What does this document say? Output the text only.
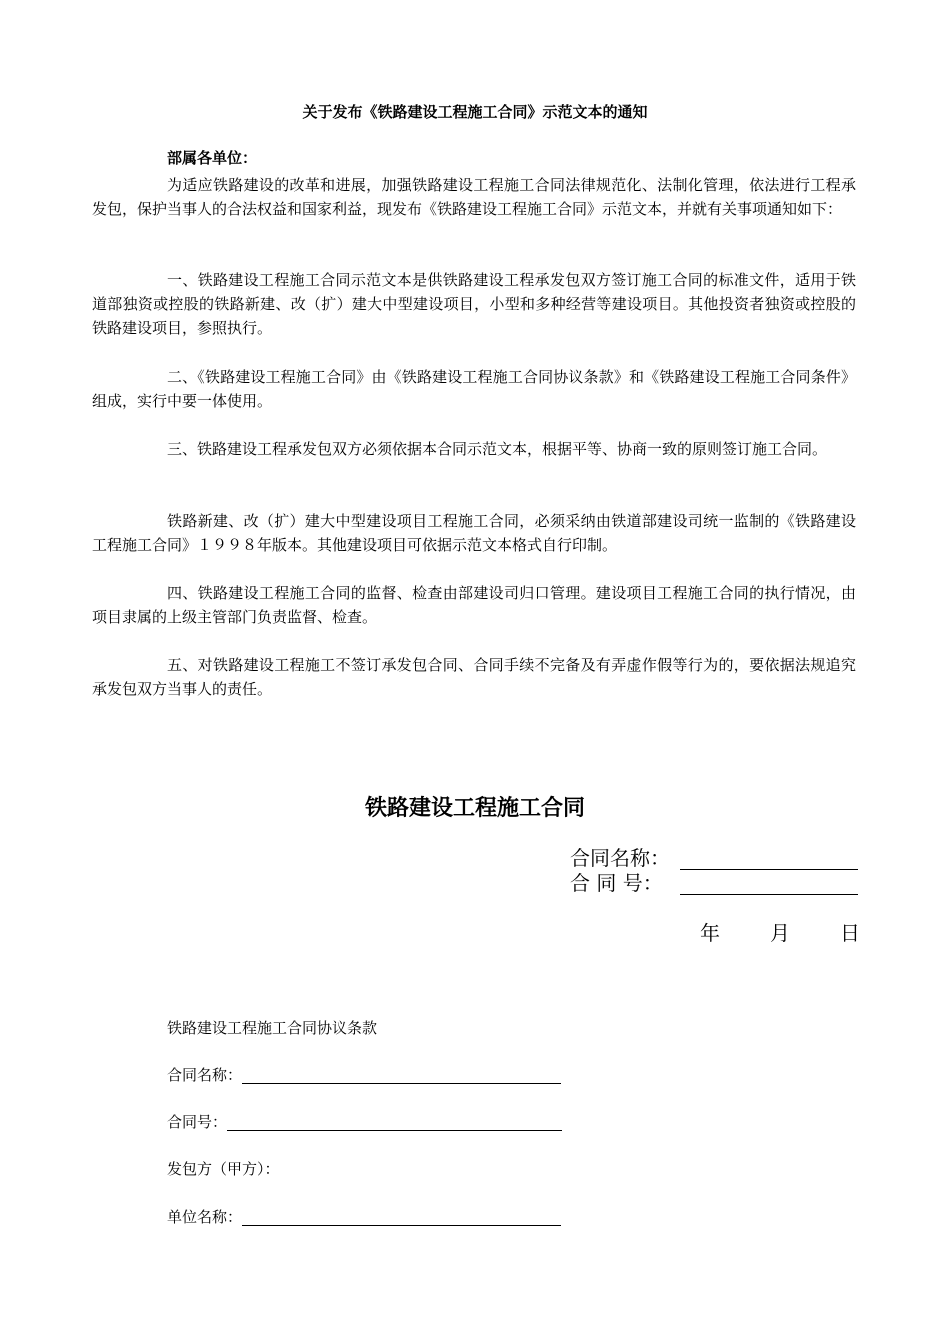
关于发布《铁路建设工程施工合同》示范文本的通知
部属各单位：

为适应铁路建设的改革和进展，加强铁路建设工程施工合同法律规范化、法制化管理，依法进行工程承发包，保护当事人的合法权益和国家利益，现发布《铁路建设工程施工合同》示范文本，并就有关事项通知如下：

一、铁路建设工程施工合同示范文本是供铁路建设工程承发包双方签订施工合同的标准文件，适用于铁道部独资或控股的铁路新建、改（扩）建大中型建设项目，小型和多种经营等建设项目。其他投资者独资或控股的铁路建设项目，参照执行。

二、《铁路建设工程施工合同》由《铁路建设工程施工合同协议条款》和《铁路建设工程施工合同条件》组成，实行中要一体使用。

三、铁路建设工程承发包双方必须依据本合同示范文本，根据平等、协商一致的原则签订施工合同。

铁路新建、改（扩）建大中型建设项目工程施工合同，必须采纳由铁道部建设司统一监制的《铁路建设工程施工合同》１９９８年版本。其他建设项目可依据示范文本格式自行印制。

四、铁路建设工程施工合同的监督、检查由部建设司归口管理。建设项目工程施工合同的执行情况，由项目隶属的上级主管部门负责监督、检查。

五、对铁路建设工程施工不签订承发包合同、合同手续不完备及有弄虚作假等行为的，要依据法规追究承发包双方当事人的责任。

铁路建设工程施工合同
合同名称：
合 同 号：
年	月	日
铁路建设工程施工合同协议条款
合同名称：
合同号：
发包方（甲方）：
单位名称：
